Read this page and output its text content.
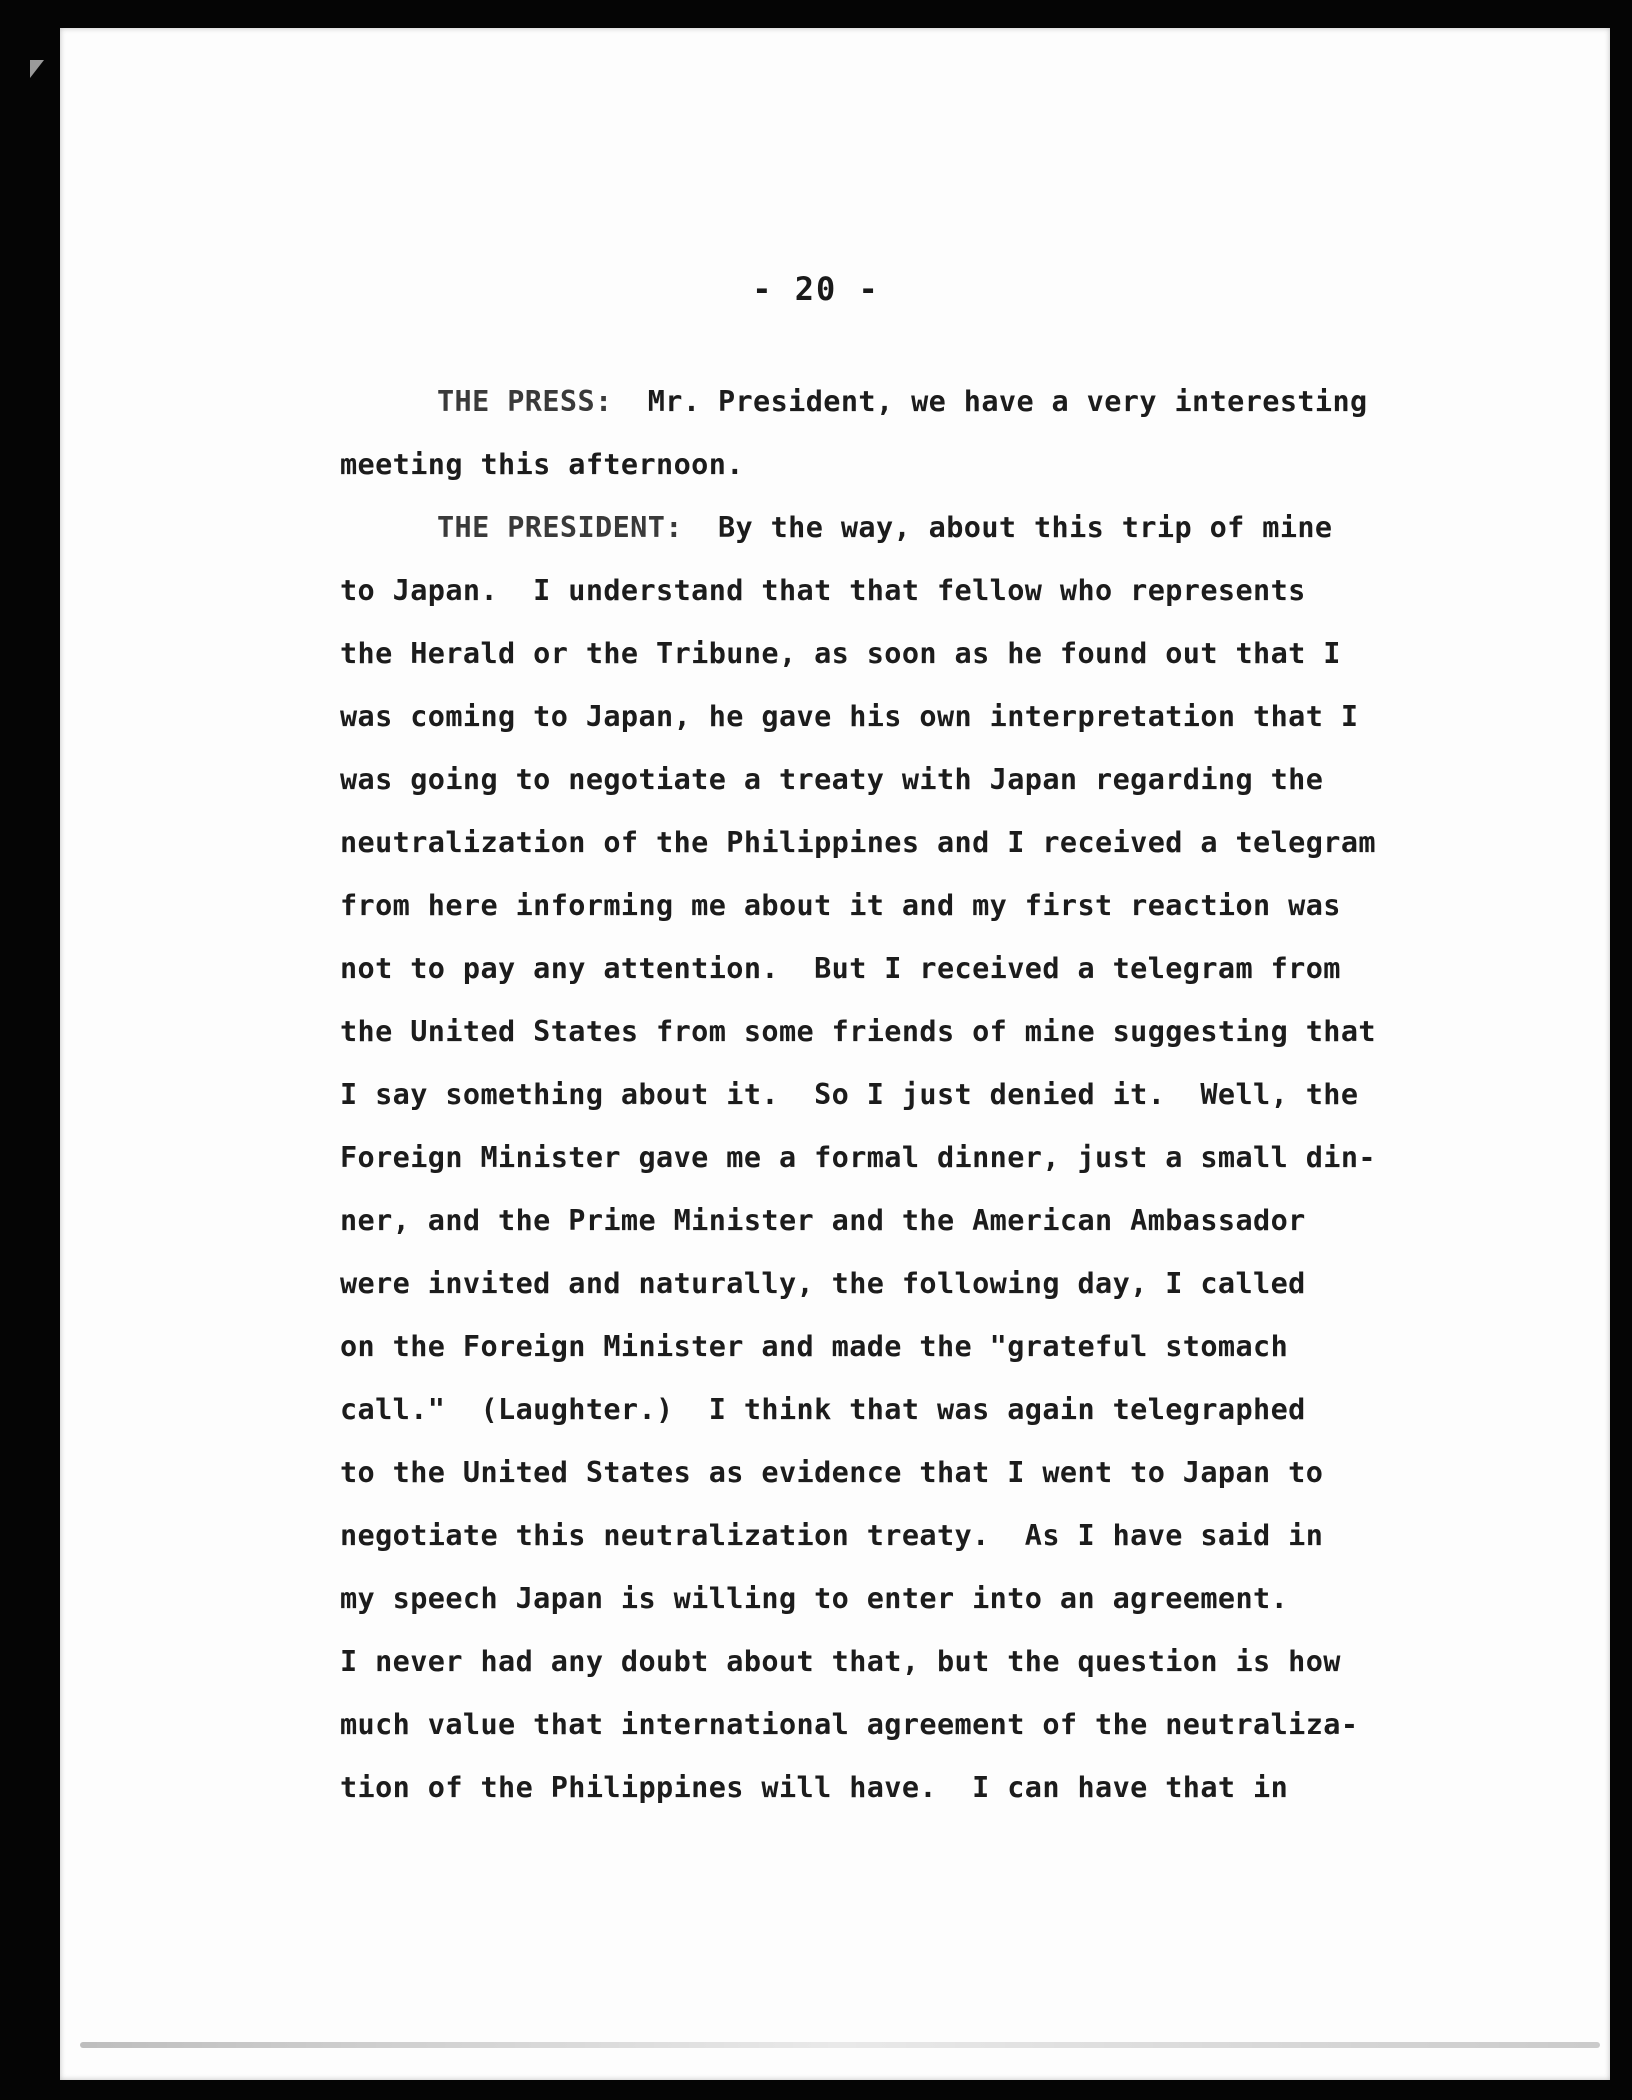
- 20 -
THE PRESS:  Mr. President, we have a very interesting
meeting this afternoon.
THE PRESIDENT:  By the way, about this trip of mine
to Japan.  I understand that that fellow who represents
the Herald or the Tribune, as soon as he found out that I
was coming to Japan, he gave his own interpretation that I
was going to negotiate a treaty with Japan regarding the
neutralization of the Philippines and I received a telegram
from here informing me about it and my first reaction was
not to pay any attention.  But I received a telegram from
the United States from some friends of mine suggesting that
I say something about it.  So I just denied it.  Well, the
Foreign Minister gave me a formal dinner, just a small din-
ner, and the Prime Minister and the American Ambassador
were invited and naturally, the following day, I called
on the Foreign Minister and made the "grateful stomach
call."  (Laughter.)  I think that was again telegraphed
to the United States as evidence that I went to Japan to
negotiate this neutralization treaty.  As I have said in
my speech Japan is willing to enter into an agreement.
I never had any doubt about that, but the question is how
much value that international agreement of the neutraliza-
tion of the Philippines will have.  I can have that in
